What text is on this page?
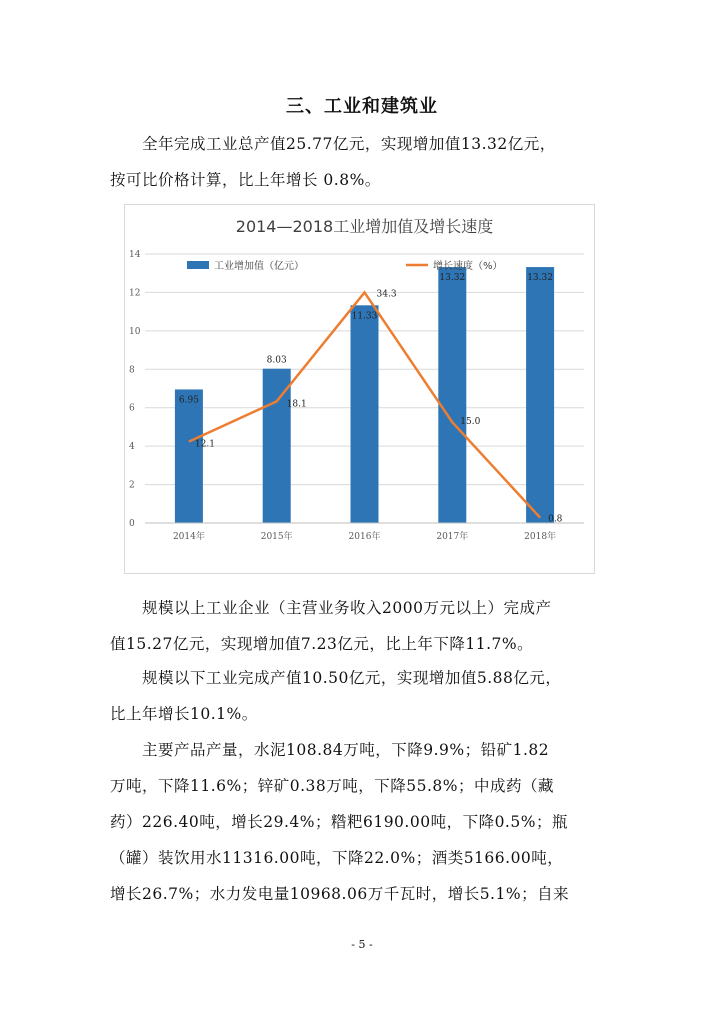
三、工业和建筑业
　　全年完成工业总产值25.77亿元，实现增加值13.32亿元，
按可比价格计算，比上年增长 0.8%。
2014—2018工业增加值及增长速度
0
2
4
6
8
10
12
14
6.95
8.03
11.33
13.32	13.32
12.1
18.1
34.3
15.0
0.8
2014年	2015年	2016年	2017年	2018年
工业增加值（亿元）	增长速度（%）
　　规模以上工业企业（主营业务收入2000万元以上）完成产
值15.27亿元，实现增加值7.23亿元，比上年下降11.7%。
　　规模以下工业完成产值10.50亿元，实现增加值5.88亿元，
比上年增长10.1%。
　　主要产品产量，水泥108.84万吨，下降9.9%；铅矿1.82
万吨，下降11.6%；锌矿0.38万吨，下降55.8%；中成药（藏
药）226.40吨，增长29.4%；糌粑6190.00吨，下降0.5%；瓶
（罐）装饮用水11316.00吨，下降22.0%；酒类5166.00吨，
增长26.7%；水力发电量10968.06万千瓦时，增长5.1%；自来
- 5 -
